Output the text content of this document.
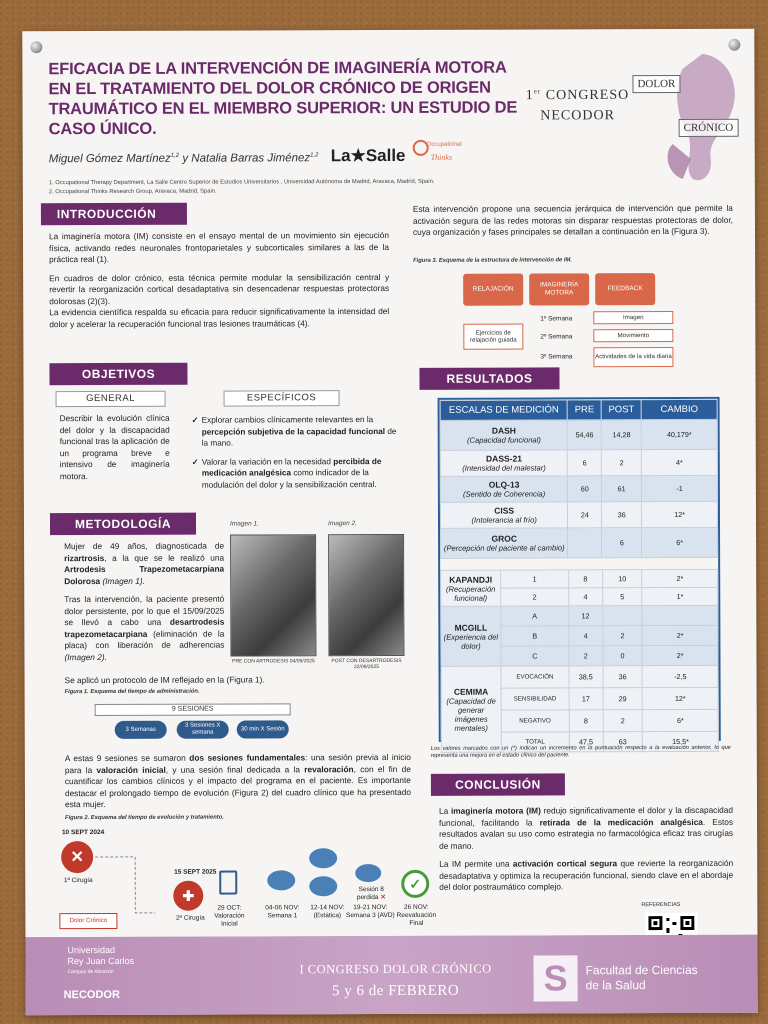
EFICACIA DE LA INTERVENCIÓN DE IMAGINERÍA MOTORA EN EL TRATAMIENTO DEL DOLOR CRÓNICO DE ORIGEN TRAUMÁTICO EN EL MIEMBRO SUPERIOR: UN ESTUDIO DE CASO ÚNICO.
1er CONGRESO
NECODOR
DOLOR
CRÓNICO
Miguel Gómez Martínez$^{1,2}$ y Natalia Barras Jiménez$^{1,2}$ La★Salle
Occupational
Thinks
1. Occupational Therapy Department, La Salle Centro Superior de Estudios Universitarios , Universidad Autónoma de Madrid, Aravaca, Madrid, Spain.
2. Occupational Thinks Research Group, Aravaca, Madrid, Spain.
INTRODUCCIÓN

La imaginería motora (IM) consiste en el ensayo mental de un movimiento sin ejecución física, activando redes neuronales frontoparietales y subcorticales similares a las de la práctica real (1).

En cuadros de dolor crónico, esta técnica permite modular la sensibilización central y revertir la reorganización cortical desadaptativa sin desencadenar respuestas protectoras dolorosas (2)(3).

La evidencia científica respalda su eficacia para reducir significativamente la intensidad del dolor y acelerar la recuperación funcional tras lesiones traumáticas (4).

OBJETIVOS
GENERAL	ESPECÍFICOS
Describir la evolución clínica del dolor y la discapacidad funcional tras la aplicación de un programa breve e intensivo de imaginería motora.
✓ Explorar cambios clínicamente relevantes en la percepción subjetiva de la capacidad funcional de la mano.
✓ Valorar la variación en la necesidad percibida de medicación analgésica como indicador de la modulación del dolor y la sensibilización central.
METODOLOGÍA

Mujer de 49 años, diagnosticada de rizartrosis, a la que se le realizó una Artrodesis Trapezometacarpiana Dolorosa (Imagen 1).

Tras la intervención, la paciente presentó dolor persistente, por lo que el 15/09/2025 se llevó a cabo una desartrodesis trapezometacarpiana (eliminación de la placa) con liberación de adherencias (Imagen 2).

Se aplicó un protocolo de IM reflejado en la (Figura 1).
Imagen 1.	Imagen 2.
PRE CON ARTRODESIS 04/09/2025	POST CON DESARTRODESIS 22/09/2025
Figura 1. Esquema del tiempo de administración.
9 SESIONES
3 Semanas
3 Sesiones X semana
30 min X Sesión
A estas 9 sesiones se sumaron dos sesiones fundamentales: una sesión previa al inicio para la valoración inicial, y una sesión final dedicada a la revaloración, con el fin de cuantificar los cambios clínicos y el impacto del programa en el paciente. Es importante destacar el prolongado tiempo de evolución (Figura 2) del cuadro clínico que ha presentado esta mujer.
Figura 2. Esquema del tiempo de evolución y tratamiento.
10 SEPT 2024
✕
1ª Cirugía
Dolor Crónico
15 SEPT 2025
✚
2ª Cirugía
29 OCT: Valoración Inicial
04-06 NOV: Semana 1
12-14 NOV: (Estática)
Sesión 8 perdida ✕
19-21 NOV: Semana 3 (AVD)
✓
26 NOV: Reevaluación Final
Esta intervención propone una secuencia jerárquica de intervención que permite la activación segura de las redes motoras sin disparar respuestas protectoras de dolor, cuya organización y fases principales se detallan a continuación en la (Figura 3).
Figura 3. Esquema de la estructura de intervención de IM.
RELAJACIÓN
IMAGINERÍA MOTORA
FEEDBACK
Ejercicios de relajación guiada
1º Semana
2º Semana
3º Semana
Imagen
Movimiento
Actividades de la vida diaria
RESULTADOS
ESCALAS DE MEDICIÓN	PRE	POST	CAMBIO
DASH
(Capacidad funcional)	54,46	14,28	40,179*
DASS-21
(Intensidad del malestar)	6	2	4*
OLQ-13
(Sentido de Coherencia)	60	61	-1
CISS
(Intolerancia al frío)	24	36	12*
GROC
(Percepción del paciente al cambio)		6	6*
KAPANDJI
(Recuperación funcional)	1	8	10	2*
	2	4	5	1*
MCGILL
(Experiencia del dolor)	A	12		
	B	4	2	2*
	C	2	0	2*
CEMIMA
(Capacidad de generar imágenes mentales)	EVOCACIÓN	38,5	36	-2,5
	SENSIBILIDAD	17	29	12*
	NEGATIVO	8	2	6*
	TOTAL	47,5	63	15,5*
Los valores marcados con un (*) indican un incremento en la puntuación respecto a la evaluación anterior, lo que representa una mejora en el estado clínico del paciente.
CONCLUSIÓN

La imaginería motora (IM) redujo significativamente el dolor y la discapacidad funcional, facilitando la retirada de la medicación analgésica. Estos resultados avalan su uso como estrategia no farmacológica eficaz tras cirugías de mano.

La IM permite una activación cortical segura que revierte la reorganización desadaptativa y optimiza la recuperación funcional, siendo clave en el abordaje del dolor postraumático complejo.

REFERENCIAS
Universidad
Rey Juan Carlos
Campus de Alcorcón
NECODOR
I CONGRESO DOLOR CRÓNICO
5 y 6 de FEBRERO	S	Facultad de Ciencias
de la Salud
